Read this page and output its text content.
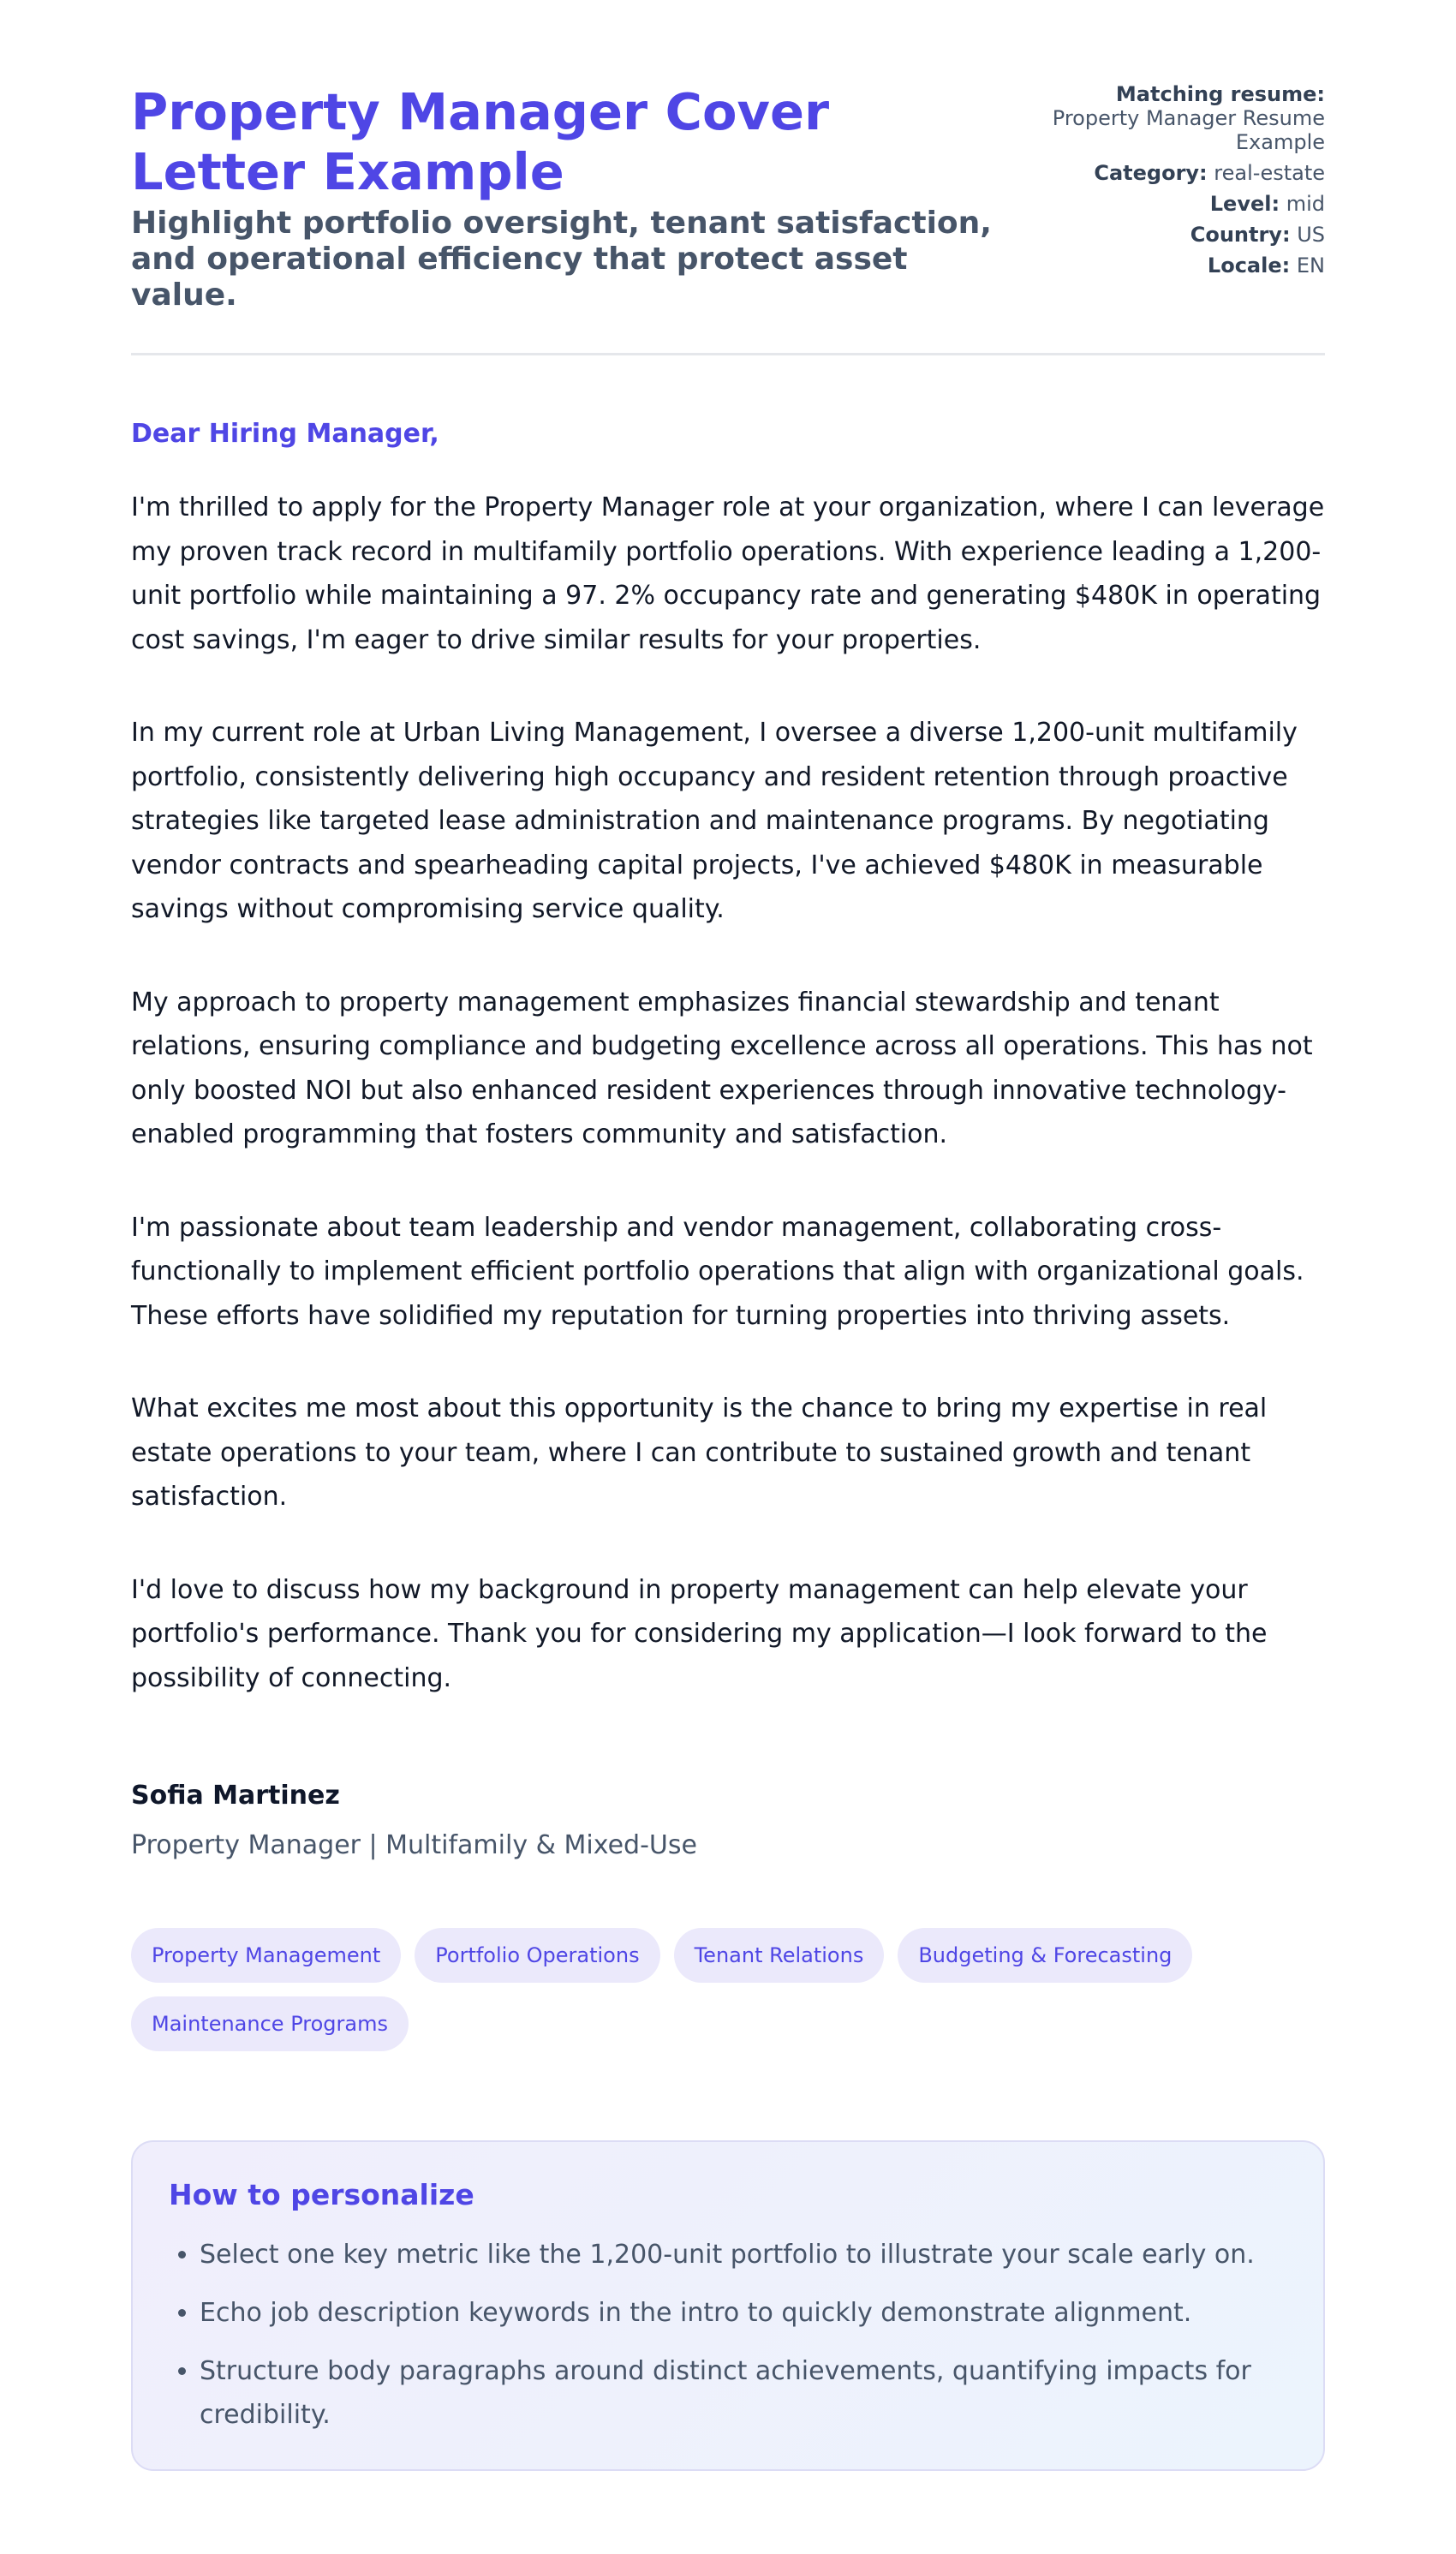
Property Manager Cover Letter Example
Highlight portfolio oversight, tenant satisfaction, and operational efficiency that protect asset value.
Matching resume:
Property Manager Resume Example
Category: real-estate
Level: mid
Country: US
Locale: EN
Dear Hiring Manager,

I'm thrilled to apply for the Property Manager role at your organization, where I can leverage my proven track record in multifamily portfolio operations. With experience leading a 1,200-unit portfolio while maintaining a 97. 2% occupancy rate and generating $480K in operating cost savings, I'm eager to drive similar results for your properties.

In my current role at Urban Living Management, I oversee a diverse 1,200-unit multifamily portfolio, consistently delivering high occupancy and resident retention through proactive strategies like targeted lease administration and maintenance programs. By negotiating vendor contracts and spearheading capital projects, I've achieved $480K in measurable savings without compromising service quality.

My approach to property management emphasizes financial stewardship and tenant relations, ensuring compliance and budgeting excellence across all operations. This has not only boosted NOI but also enhanced resident experiences through innovative technology-enabled programming that fosters community and satisfaction.

I'm passionate about team leadership and vendor management, collaborating cross-functionally to implement efficient portfolio operations that align with organizational goals. These efforts have solidified my reputation for turning properties into thriving assets.

What excites me most about this opportunity is the chance to bring my expertise in real estate operations to your team, where I can contribute to sustained growth and tenant satisfaction.

I'd love to discuss how my background in property management can help elevate your portfolio's performance. Thank you for considering my application—I look forward to the possibility of connecting.

Sofia Martinez
Property Manager | Multifamily & Mixed-Use
Property Management	Portfolio Operations	Tenant Relations	Budgeting & Forecasting
Maintenance Programs
How to personalize
• Select one key metric like the 1,200-unit portfolio to illustrate your scale early on.
• Echo job description keywords in the intro to quickly demonstrate alignment.
• Structure body paragraphs around distinct achievements, quantifying impacts for credibility.
